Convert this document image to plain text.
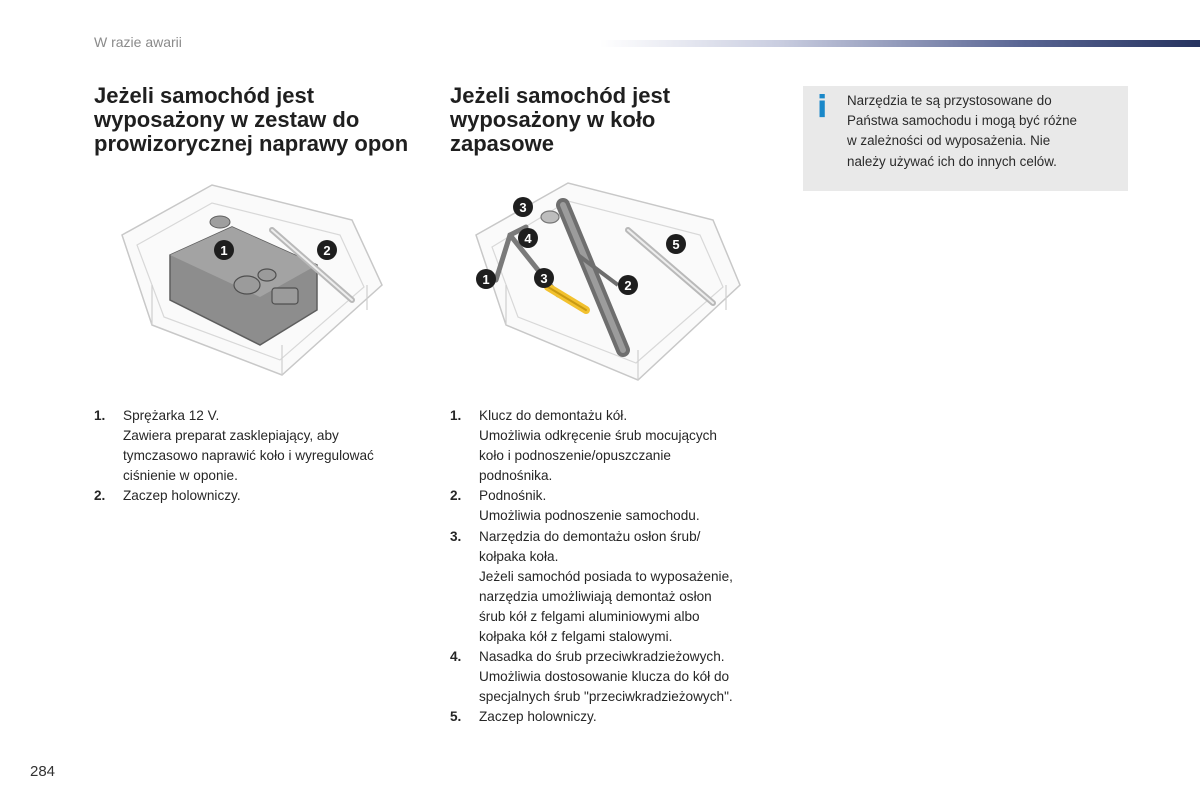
W razie awarii
Jeżeli samochód jest
wyposażony w zestaw do
prowizorycznej naprawy opon
1	2
1. Sprężarka 12 V.
Zawiera preparat zasklepiający, aby
tymczasowo naprawić koło i wyregulować
ciśnienie w oponie.
2. Zaczep holowniczy.
Jeżeli samochód jest
wyposażony w koło
zapasowe
3
4
1	3	2
5
1. Klucz do demontażu kół.
Umożliwia odkręcenie śrub mocujących
koło i podnoszenie/opuszczanie
podnośnika.
2. Podnośnik.
Umożliwia podnoszenie samochodu.
3. Narzędzia do demontażu osłon śrub/
kołpaka koła.
Jeżeli samochód posiada to wyposażenie,
narzędzia umożliwiają demontaż osłon
śrub kół z felgami aluminiowymi albo
kołpaka kół z felgami stalowymi.
4. Nasadka do śrub przeciwkradzieżowych.
Umożliwia dostosowanie klucza do kół do
specjalnych śrub "przeciwkradzieżowych".
5. Zaczep holowniczy.
i Narzędzia te są przystosowane do
Państwa samochodu i mogą być różne
w zależności od wyposażenia. Nie
należy używać ich do innych celów.
284
